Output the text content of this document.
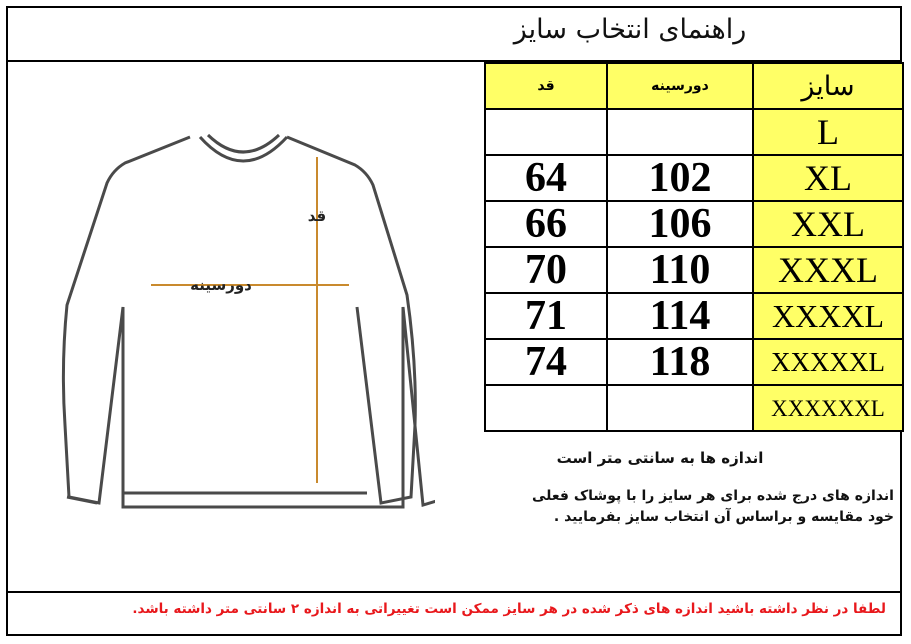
راهنمای انتخاب سایز
قد	دورسینه	سایز
		L
64	102	XL
66	106	XXL
70	110	XXXL
71	114	XXXXL
74	118	XXXXXL
		XXXXXXL
قد
دورسینه
اندازه ها به سانتی متر است
اندازه های درج شده برای هر سایز را با پوشاک فعلی
خود مقایسه و براساس آن انتخاب سایز بفرمایید .
لطفا در نظر داشته باشید اندازه های ذکر شده در هر سایز ممکن است تغییراتی به اندازه ۲ سانتی متر داشته باشد.
